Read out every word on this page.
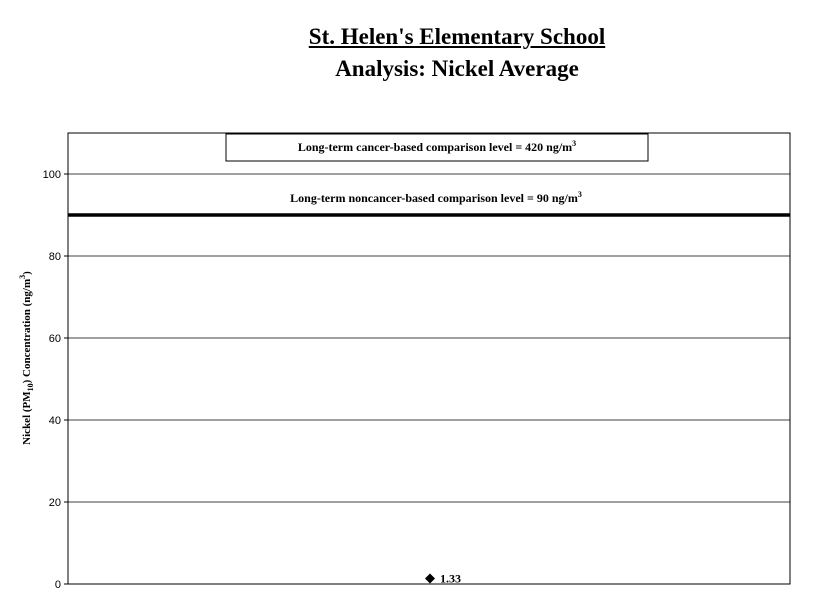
St. Helen's Elementary School
Analysis: Nickel Average
0
20
40
60
80
100
Nickel $(PM_{10})$ Concentration $(ng/m^3)$
Long-term cancer-based comparison level = 420 $ng/m^3$
Long-term noncancer-based comparison level = 90 $ng/m^3$
1.33
